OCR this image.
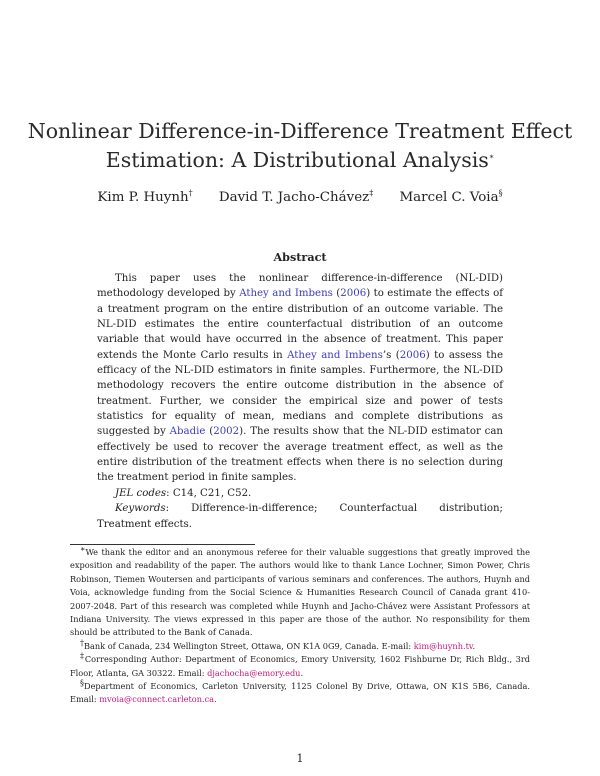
Nonlinear Difference-in-Difference Treatment Effect
Estimation: A Distributional Analysis∗
Kim P. Huynh† David T. Jacho-Chávez‡ Marcel C. Voia§
Abstract

This paper uses the nonlinear difference-in-difference (NL-DID) methodology developed by Athey and Imbens (2006) to estimate the effects of a treatment program on the entire distribution of an outcome variable. The NL-DID estimates the entire counterfactual distribution of an outcome variable that would have occurred in the absence of treatment. This paper extends the Monte Carlo results in Athey and Imbens’s (2006) to assess the efficacy of the NL-DID estimators in finite samples. Furthermore, the NL-DID methodology recovers the entire outcome distribution in the absence of treatment. Further, we consider the empirical size and power of tests statistics for equality of mean, medians and complete distributions as suggested by Abadie (2002). The results show that the NL-DID estimator can effectively be used to recover the average treatment effect, as well as the entire distribution of the treatment effects when there is no selection during the treatment period in finite samples.

JEL codes: C14, C21, C52.

Keywords: Difference-in-difference; Counterfactual distribution; Treatment effects.

∗We thank the editor and an anonymous referee for their valuable suggestions that greatly improved the exposition and readability of the paper. The authors would like to thank Lance Lochner, Simon Power, Chris Robinson, Tiemen Woutersen and participants of various seminars and conferences. The authors, Huynh and Voia, acknowledge funding from the Social Science & Humanities Research Council of Canada grant 410-2007-2048. Part of this research was completed while Huynh and Jacho-Chávez were Assistant Professors at Indiana University. The views expressed in this paper are those of the author. No responsibility for them should be attributed to the Bank of Canada.

†Bank of Canada, 234 Wellington Street, Ottawa, ON K1A 0G9, Canada. E-mail: kim@huynh.tv.

‡Corresponding Author: Department of Economics, Emory University, 1602 Fishburne Dr, Rich Bldg., 3rd Floor, Atlanta, GA 30322. Email: djachocha@emory.edu.

§Department of Economics, Carleton University, 1125 Colonel By Drive, Ottawa, ON K1S 5B6, Canada. Email: mvoia@connect.carleton.ca.

1
